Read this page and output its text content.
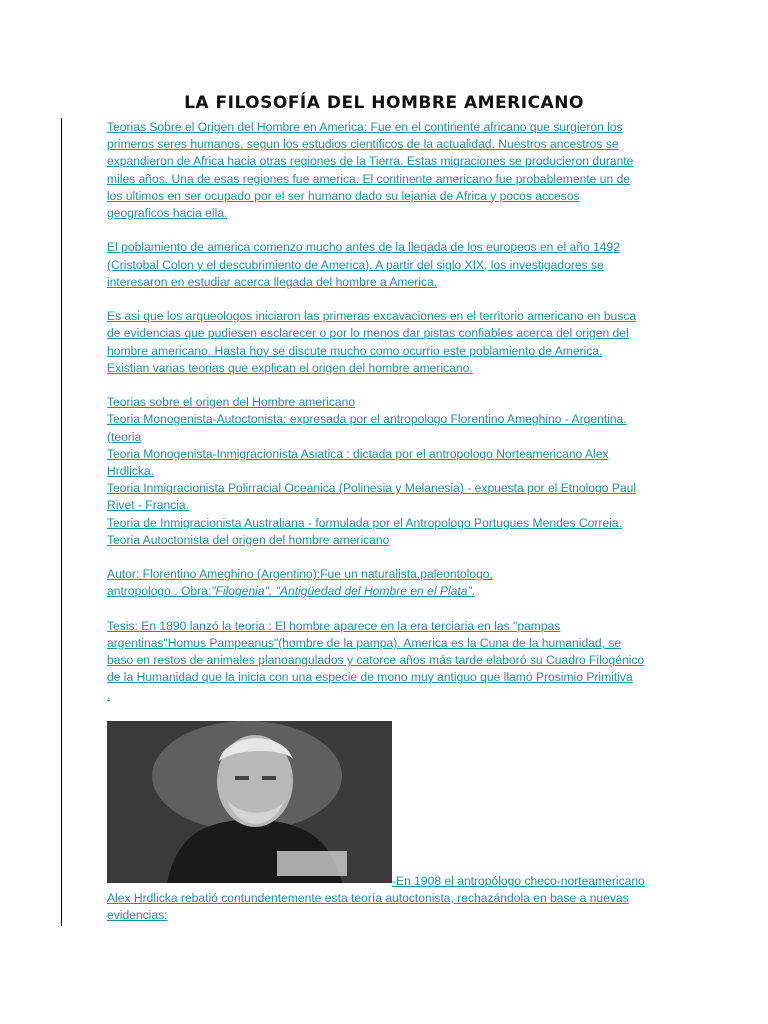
LA FILOSOFÍA DEL HOMBRE AMERICANO

Teorias Sobre el Origen del Hombre en America: Fue en el continente africano que surgieron los
primeros seres humanos, segun los estudios cientificos de la actualidad. Nuestros ancestros se
expandieron de Africa hacia otras regiones de la Tierra. Estas migraciones se producieron durante
miles años. Una de esas regiones fue america. El continente americano fue probablemente un de
los ultimos en ser ocupado por el ser humano dado su lejania de Africa y pocos accesos
geograficos hacia ella.

El poblamiento de america comenzo mucho antes de la llegada de los europeos en el año 1492
(Cristobal Colon y el descubrimiento de America). A partir del siglo XIX, los investigadores se
interesaron en estudiar acerca llegada del hombre a America.

Es asi que los arqueologos iniciaron las primeras excavaciones en el territorio americano en busca
de evidencias que pudiesen esclarecer o por lo menos dar pistas confiables acerca del origen del
hombre americano. Hasta hoy se discute mucho como ocurrio este poblamiento de America.
Existian varias teorias que explican el origen del hombre americano.

Teorias sobre el origen del Hombre americano
Teoria Monogenista-Autoctonista: expresada por el antropologo Florentino Ameghino - Argentina.
(teoria
Teoria Monogenista-Inmigracionista Asiatica : dictada por el antropologo Norteamericano Alex
Hrdlicka.
Teoria Inmigracionista Polirracial Oceanica (Polinesia y Melanesia) - expuesta por el Etnologo Paul
Rivet - Francia.
Teoria de Inmigracionista Australiana - formulada por el Antropologo Portugues Mendes Correia.
Teoria Autoctonista del origen del hombre americano

Autor: Florentino Ameghino (Argentino):Fue un naturalista,paleontologo,
antropologo . Obra:"Filogenia", "Antigüedad del Hombre en el Plata".

Tesis: En 1890 lanzó la teoria : El hombre aparece en la era terciaria en las "pampas
argentinas"Homus Pampeanus"(hombre de la pampa). America es la Cuna de la humanidad, se
baso en restos de animales planoangulados y catorce años más tarde elaboró su Cuadro Filogénico
de la Humanidad que la inicia con una especie de mono muy antiguo que llamó Prosimio Primitiva
.

-En 1908 el antropólogo checo-norteamericano
Alex Hrdlicka rebatió contundentemente esta teoría autoctonista, rechazándola en base a nuevas
evidencias:
